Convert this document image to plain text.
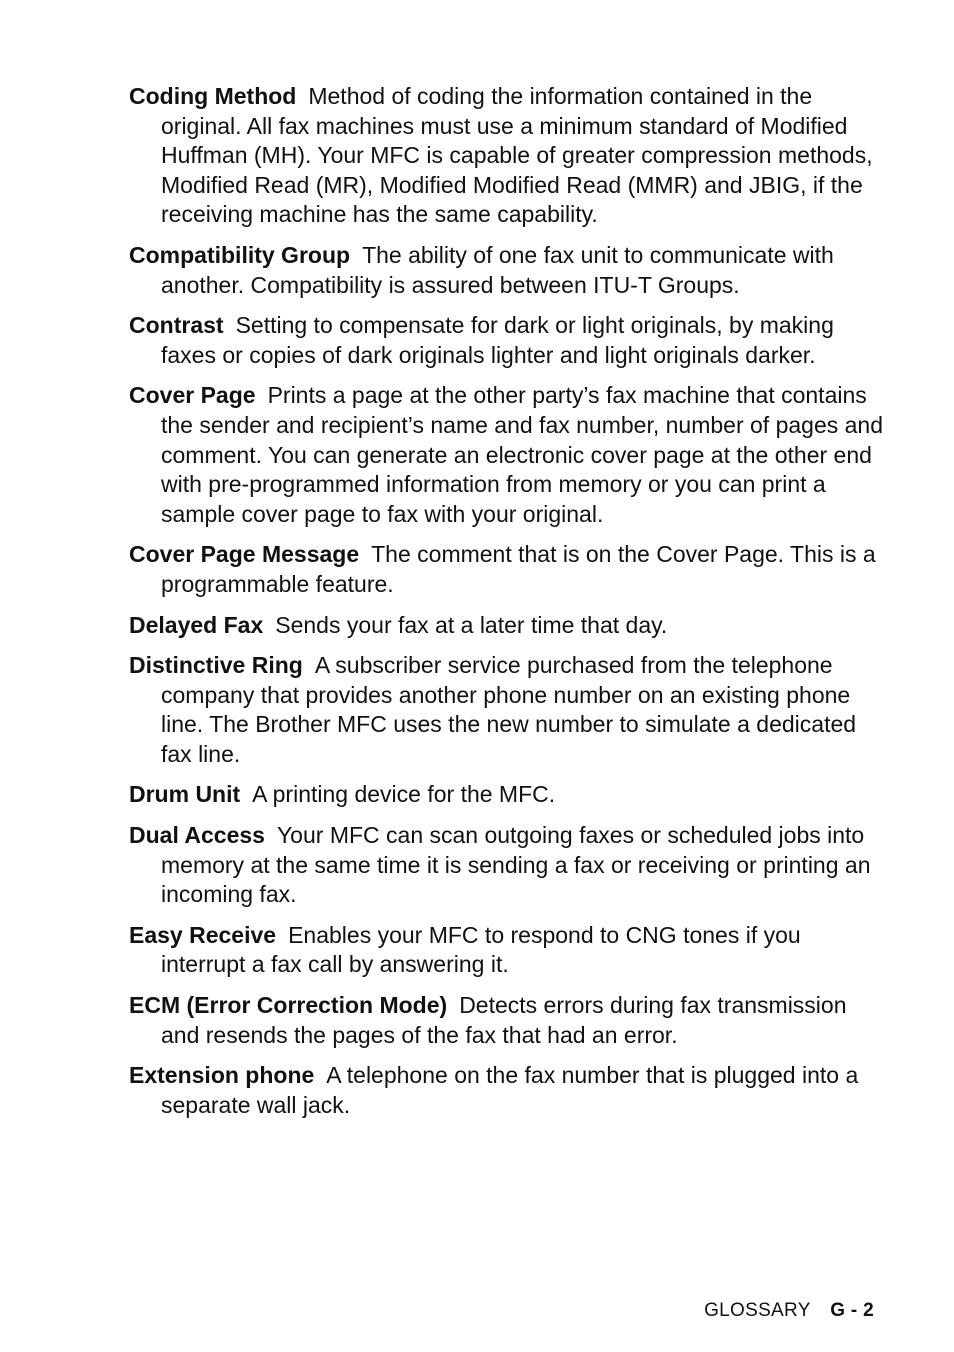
Coding Method Method of coding the information contained in the original. All fax machines must use a minimum standard of Modified Huffman (MH). Your MFC is capable of greater compression methods, Modified Read (MR), Modified Modified Read (MMR) and JBIG, if the receiving machine has the same capability.

Compatibility Group The ability of one fax unit to communicate with another. Compatibility is assured between ITU-T Groups.

Contrast Setting to compensate for dark or light originals, by making faxes or copies of dark originals lighter and light originals darker.

Cover Page Prints a page at the other party’s fax machine that contains the sender and recipient’s name and fax number, number of pages and comment. You can generate an electronic cover page at the other end with pre-programmed information from memory or you can print a sample cover page to fax with your original.

Cover Page Message The comment that is on the Cover Page. This is a programmable feature.

Delayed Fax Sends your fax at a later time that day.

Distinctive Ring A subscriber service purchased from the telephone company that provides another phone number on an existing phone line. The Brother MFC uses the new number to simulate a dedicated fax line.

Drum Unit A printing device for the MFC.

Dual Access Your MFC can scan outgoing faxes or scheduled jobs into memory at the same time it is sending a fax or receiving or printing an incoming fax.

Easy Receive Enables your MFC to respond to CNG tones if you interrupt a fax call by answering it.

ECM (Error Correction Mode) Detects errors during fax transmission and resends the pages of the fax that had an error.

Extension phone A telephone on the fax number that is plugged into a separate wall jack.

GLOSSARY G - 2
